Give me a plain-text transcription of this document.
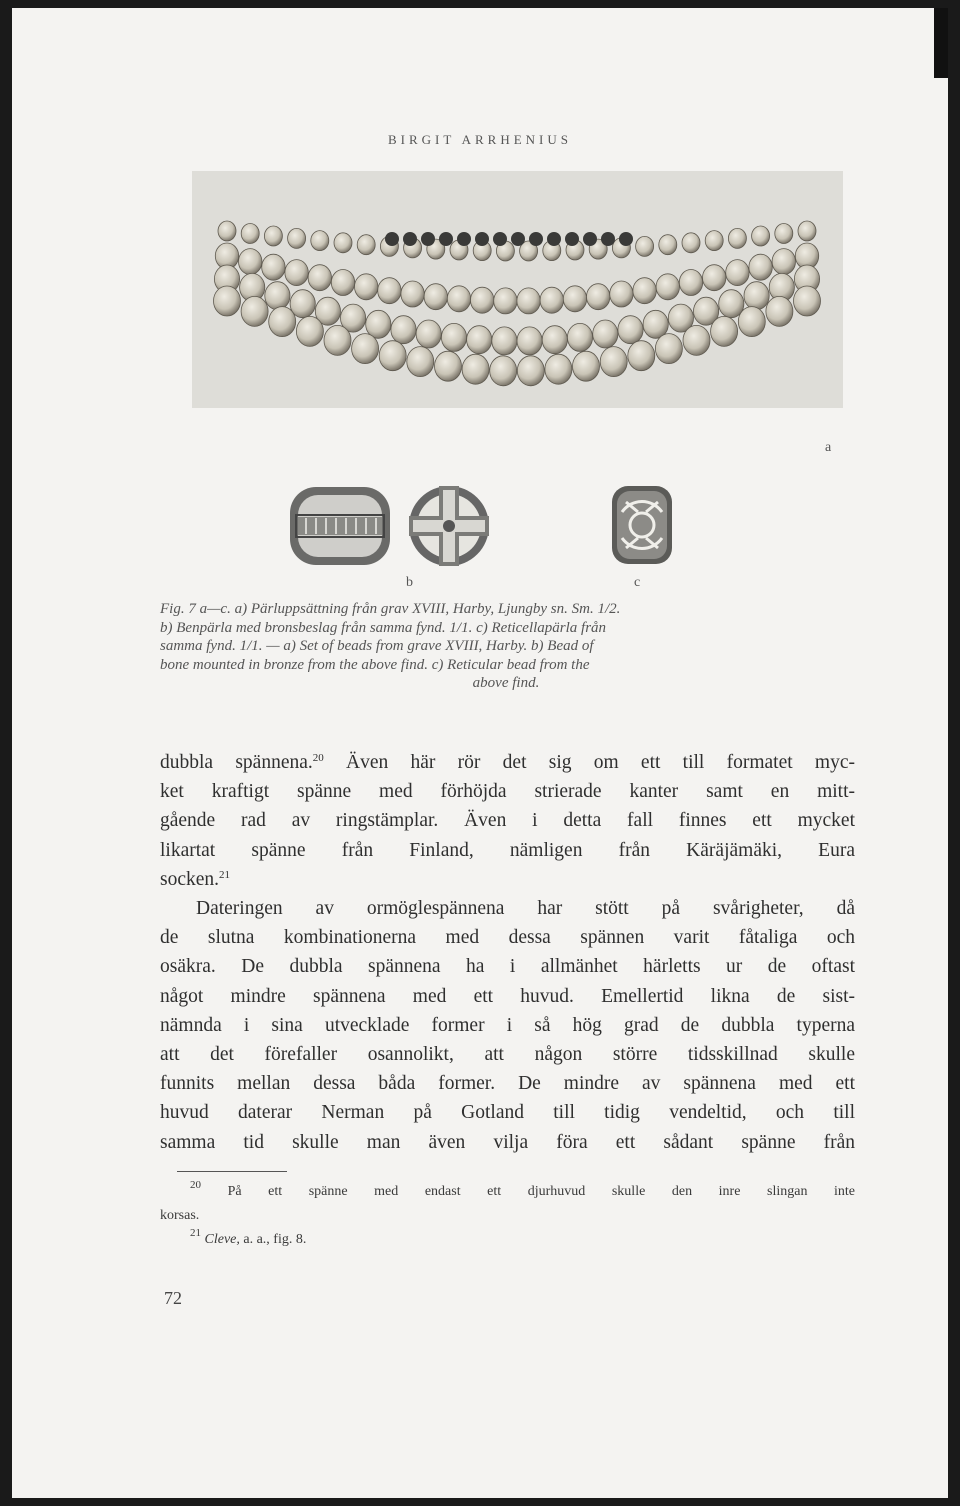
BIRGIT ARRHENIUS
a
b	c
Fig. 7 a—c. a) Pärluppsättning från grav XVIII, Harby, Ljungby sn. Sm. 1/2.
b) Benpärla med bronsbeslag från samma fynd. 1/1. c) Reticellapärla från
samma fynd. 1/1. — a) Set of beads from grave XVIII, Harby. b) Bead of
bone mounted in bronze from the above find. c) Reticular bead from the
above find.
dubbla spännena.$^{20}$ Även här rör det sig om ett till formatet myc-
ket kraftigt spänne med förhöjda strierade kanter samt en mitt-
gående rad av ringstämplar. Även i detta fall finnes ett mycket
likartat spänne från Finland, nämligen från Käräjämäki, Eura
socken.$^{21}$
Dateringen av ormöglespännena har stött på svårigheter, då
de slutna kombinationerna med dessa spännen varit fåtaliga och
osäkra. De dubbla spännena ha i allmänhet härletts ur de oftast
något mindre spännena med ett huvud. Emellertid likna de sist-
nämnda i sina utvecklade former i så hög grad de dubbla typerna
att det förefaller osannolikt, att någon större tidsskillnad skulle
funnits mellan dessa båda former. De mindre av spännena med ett
huvud daterar Nerman på Gotland till tidig vendeltid, och till
samma tid skulle man även vilja föra ett sådant spänne från
$^{20}$ På ett spänne med endast ett djurhuvud skulle den inre slingan inte
korsas.
$^{21}$ Cleve, a. a., fig. 8.
72
